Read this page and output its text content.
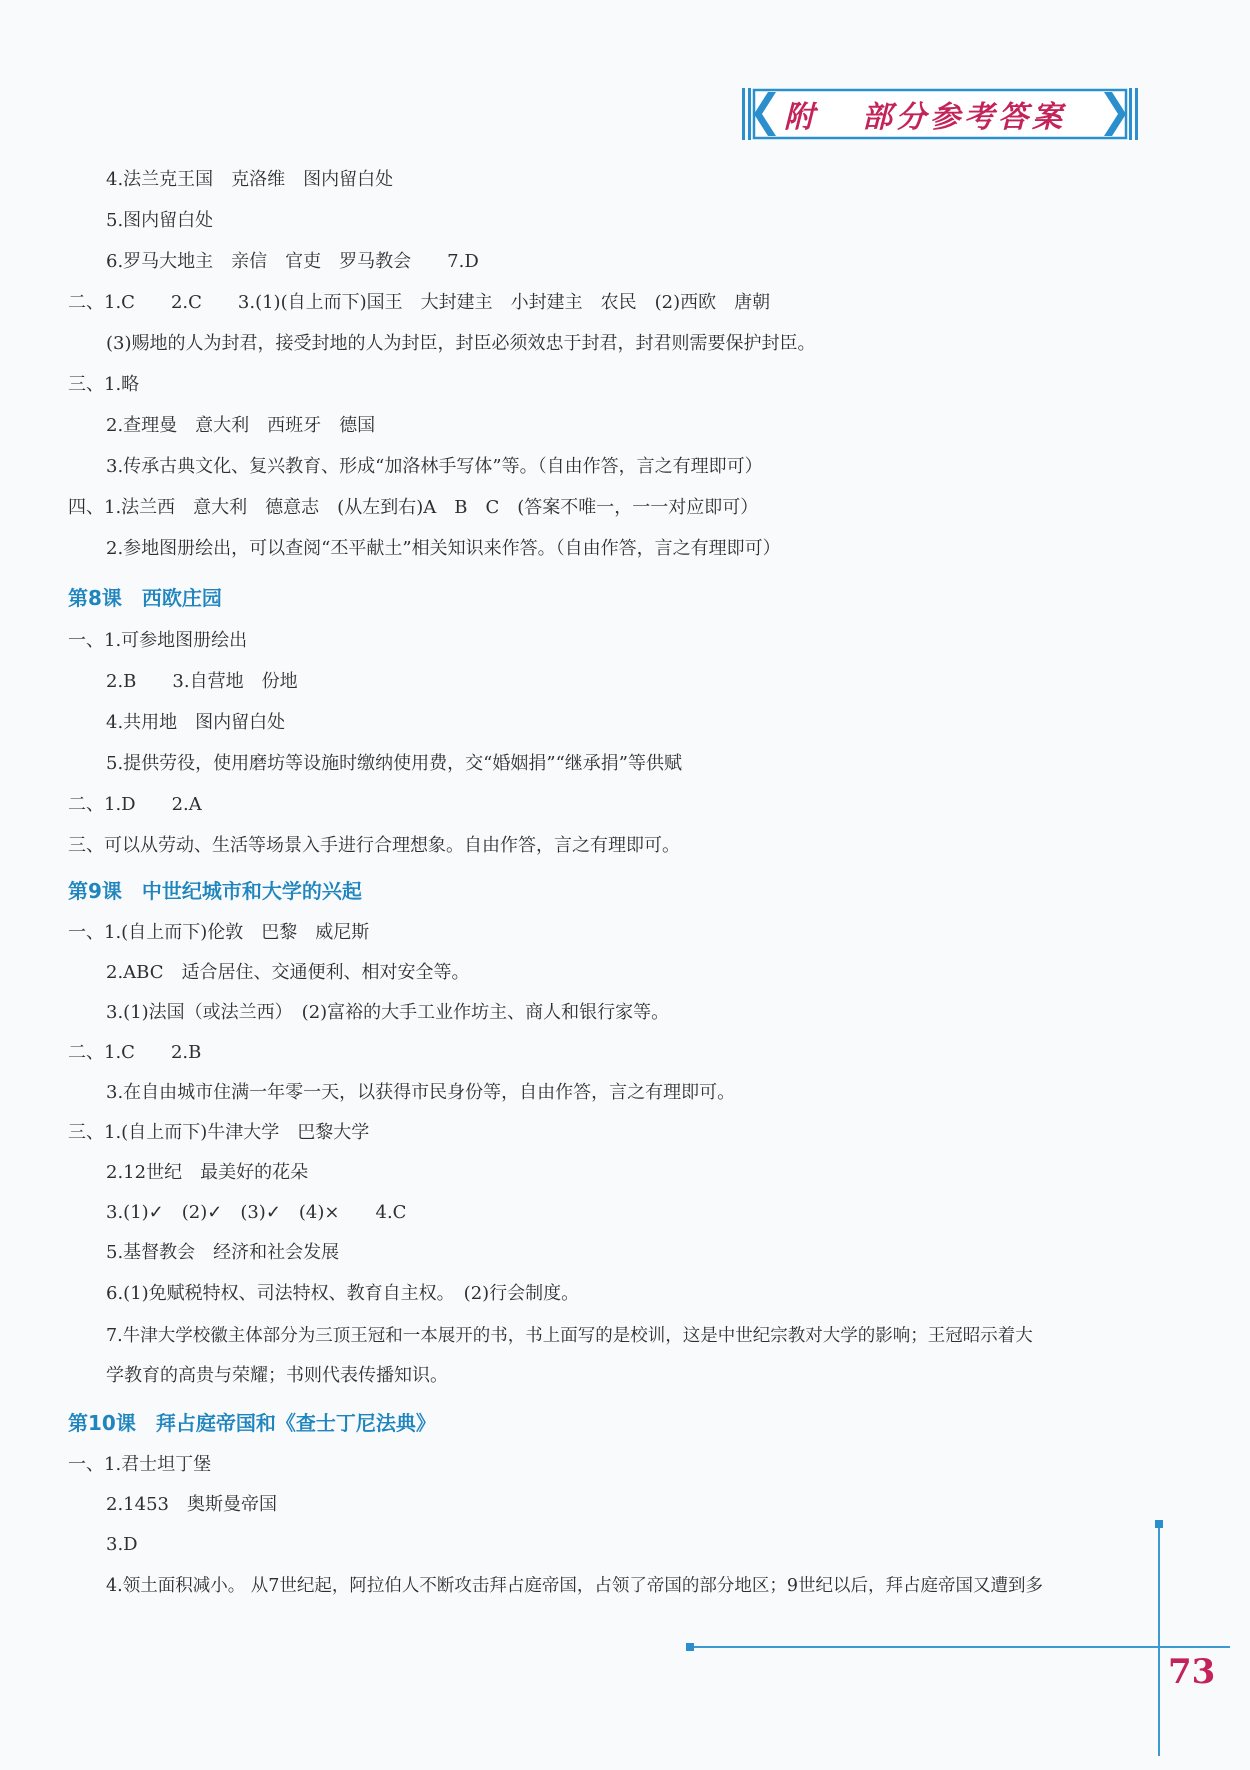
附 部分参考答案
4.法兰克王国　克洛维　图内留白处
5.图内留白处
6.罗马大地主　亲信　官吏　罗马教会　　7.D
二、1.C　　2.C　　3.(1)(自上而下)国王　大封建主　小封建主　农民　(2)西欧　唐朝
(3)赐地的人为封君，接受封地的人为封臣，封臣必须效忠于封君，封君则需要保护封臣。
三、1.略
2.查理曼　意大利　西班牙　德国
3.传承古典文化、复兴教育、形成“加洛林手写体”等。（自由作答，言之有理即可）
四、1.法兰西　意大利　德意志　(从左到右)A　B　C　(答案不唯一，一一对应即可）
2.参地图册绘出，可以查阅“丕平献土”相关知识来作答。（自由作答，言之有理即可）
第8课　西欧庄园
一、1.可参地图册绘出
2.B　　3.自营地　份地
4.共用地　图内留白处
5.提供劳役，使用磨坊等设施时缴纳使用费，交“婚姻捐”“继承捐”等供赋
二、1.D　　2.A
三、可以从劳动、生活等场景入手进行合理想象。自由作答，言之有理即可。
第9课　中世纪城市和大学的兴起
一、1.(自上而下)伦敦　巴黎　威尼斯
2.ABC　适合居住、交通便利、相对安全等。
3.(1)法国（或法兰西）　(2)富裕的大手工业作坊主、商人和银行家等。
二、1.C　　2.B
3.在自由城市住满一年零一天，以获得市民身份等，自由作答，言之有理即可。
三、1.(自上而下)牛津大学　巴黎大学
2.12世纪　最美好的花朵
3.(1)✓　(2)✓　(3)✓　(4)×　　4.C
5.基督教会　经济和社会发展
6.(1)免赋税特权、司法特权、教育自主权。　(2)行会制度。
7.牛津大学校徽主体部分为三顶王冠和一本展开的书，书上面写的是校训，这是中世纪宗教对大学的影响；王冠昭示着大
学教育的高贵与荣耀；书则代表传播知识。
第10课　拜占庭帝国和《查士丁尼法典》
一、1.君士坦丁堡
2.1453　奥斯曼帝国
3.D
4.领土面积减小。 从7世纪起，阿拉伯人不断攻击拜占庭帝国，占领了帝国的部分地区；9世纪以后，拜占庭帝国又遭到多
73
